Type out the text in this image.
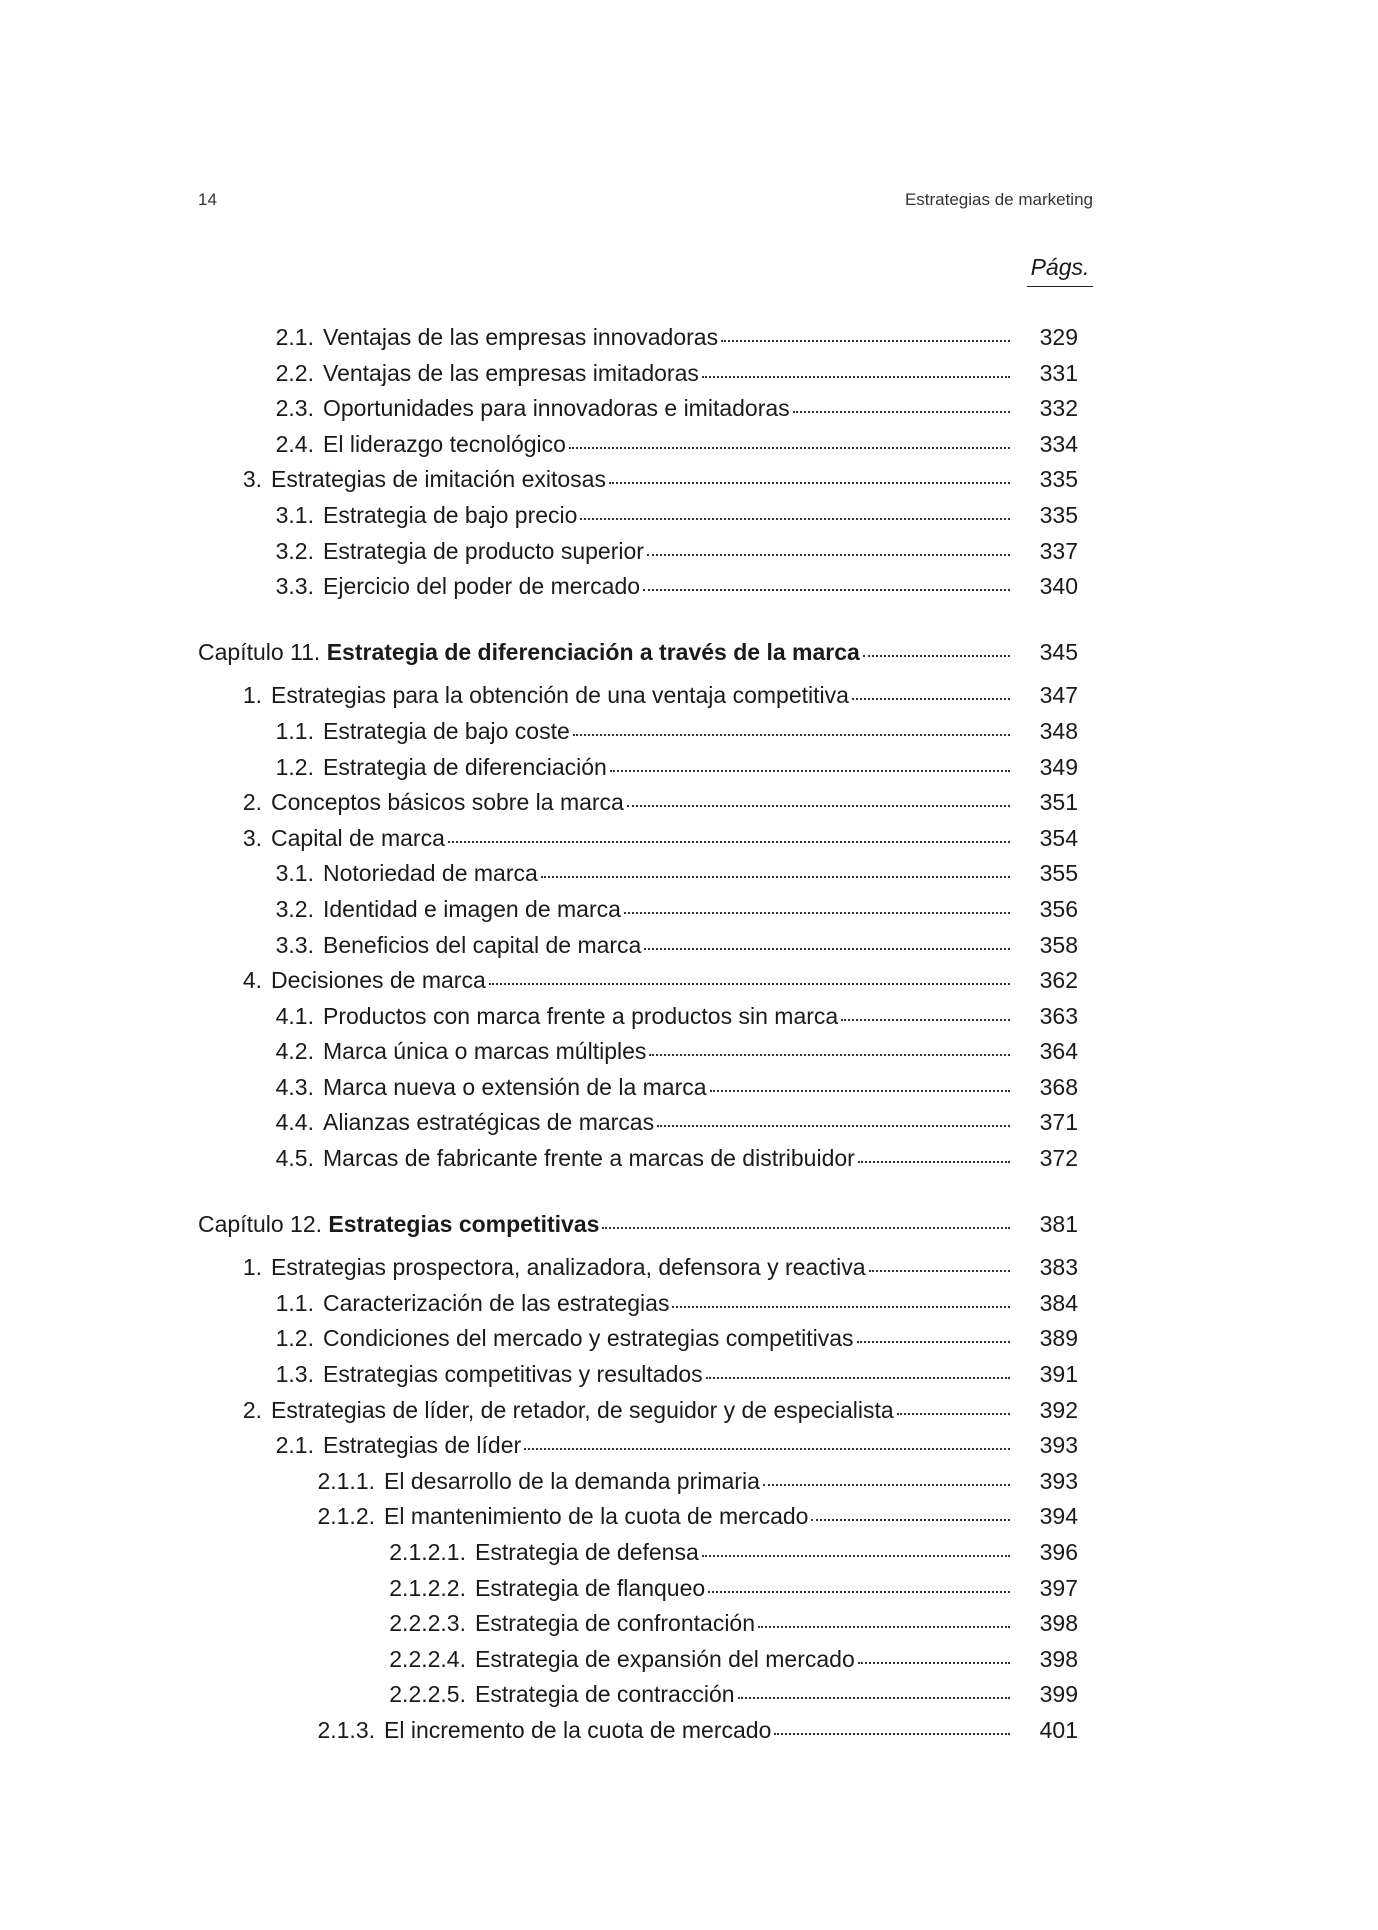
14	Estrategias de marketing
Págs.
2.1. Ventajas de las empresas innovadoras	329
2.2. Ventajas de las empresas imitadoras	331
2.3. Oportunidades para innovadoras e imitadoras	332
2.4. El liderazgo tecnológico	334
3. Estrategias de imitación exitosas	335
3.1. Estrategia de bajo precio	335
3.2. Estrategia de producto superior	337
3.3. Ejercicio del poder de mercado	340
Capítulo 11. Estrategia de diferenciación a través de la marca	345
1. Estrategias para la obtención de una ventaja competitiva	347
1.1. Estrategia de bajo coste	348
1.2. Estrategia de diferenciación	349
2. Conceptos básicos sobre la marca	351
3. Capital de marca	354
3.1. Notoriedad de marca	355
3.2. Identidad e imagen de marca	356
3.3. Beneficios del capital de marca	358
4. Decisiones de marca	362
4.1. Productos con marca frente a productos sin marca	363
4.2. Marca única o marcas múltiples	364
4.3. Marca nueva o extensión de la marca	368
4.4. Alianzas estratégicas de marcas	371
4.5. Marcas de fabricante frente a marcas de distribuidor	372
Capítulo 12. Estrategias competitivas	381
1. Estrategias prospectora, analizadora, defensora y reactiva	383
1.1. Caracterización de las estrategias	384
1.2. Condiciones del mercado y estrategias competitivas	389
1.3. Estrategias competitivas y resultados	391
2. Estrategias de líder, de retador, de seguidor y de especialista	392
2.1. Estrategias de líder	393
2.1.1. El desarrollo de la demanda primaria	393
2.1.2. El mantenimiento de la cuota de mercado	394
2.1.2.1. Estrategia de defensa	396
2.1.2.2. Estrategia de flanqueo	397
2.2.2.3. Estrategia de confrontación	398
2.2.2.4. Estrategia de expansión del mercado	398
2.2.2.5. Estrategia de contracción	399
2.1.3. El incremento de la cuota de mercado	401
